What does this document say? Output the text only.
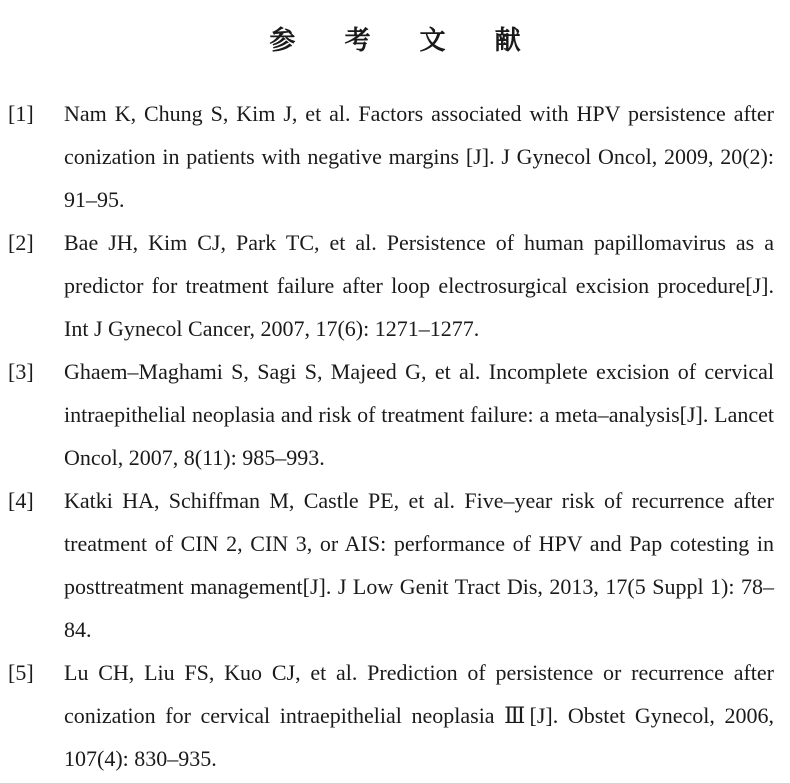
参 考 文 献
[1]	Nam K, Chung S, Kim J, et al. Factors associated with HPV persistence after conization in patients with negative margins [J]. J Gynecol Oncol, 2009, 20(2): 91–95.
[2]	Bae JH, Kim CJ, Park TC, et al. Persistence of human papillomavirus as a predictor for treatment failure after loop electrosurgical excision procedure[J]. Int J Gynecol Cancer, 2007, 17(6): 1271–1277.
[3]	Ghaem–Maghami S, Sagi S, Majeed G, et al. Incomplete excision of cervical intraepithelial neoplasia and risk of treatment failure: a meta–analysis[J]. Lancet Oncol, 2007, 8(11): 985–993.
[4]	Katki HA, Schiffman M, Castle PE, et al. Five–year risk of recurrence after treatment of CIN 2, CIN 3, or AIS: performance of HPV and Pap cotesting in posttreatment management[J]. J Low Genit Tract Dis, 2013, 17(5 Suppl 1): 78–84.
[5]	Lu CH, Liu FS, Kuo CJ, et al. Prediction of persistence or recurrence after conization for cervical intraepithelial neoplasia Ⅲ[J]. Obstet Gynecol, 2006, 107(4): 830–935.
